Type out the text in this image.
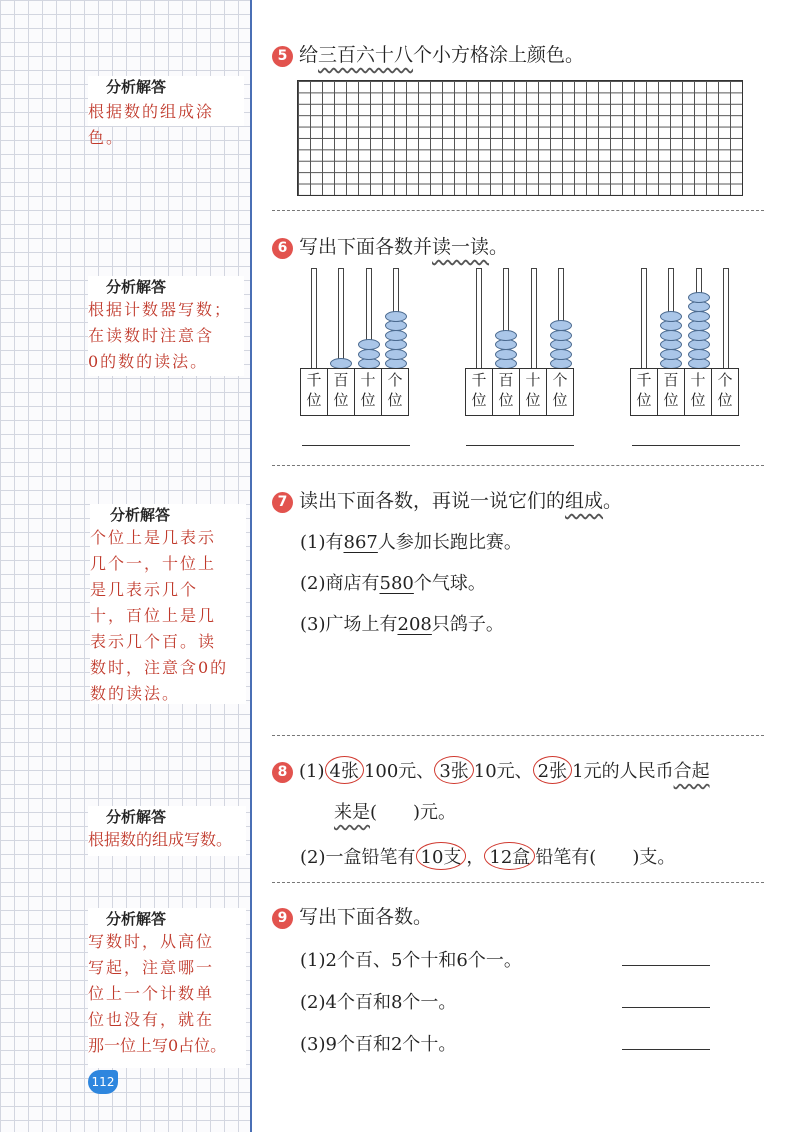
分析解答
根据数的组成涂色。
分析解答
根据计数器写数；
在读数时注意含
0的数的读法。
分析解答
个位上是几表示
几个一，十位上
是几表示几个
十，百位上是几
表示几个百。读
数时，注意含0的
数的读法。
分析解答
根据数的组成写数。
分析解答
写数时，从高位
写起，注意哪一
位上一个计数单
位也没有，就在
那一位上写0占位。
112
5 给三百六十八个小方格涂上颜色。
6 写出下面各数并读一读。
千
位
百
位
十
位
个
位
千
位
百
位
十
位
个
位
千
位
百
位
十
位
个
位
7 读出下面各数，再说一说它们的组成。
(1)有867人参加长跑比赛。
(2)商店有580个气球。
(3)广场上有208只鸽子。
8 (1) 4张 100元、 3张 10元、 2张 1元的人民币合起
来是(　　)元。
(2)一盒铅笔有 10支 ， 12盒 铅笔有(　　)支。
9 写出下面各数。
(1)2个百、5个十和6个一。
(2)4个百和8个一。
(3)9个百和2个十。
